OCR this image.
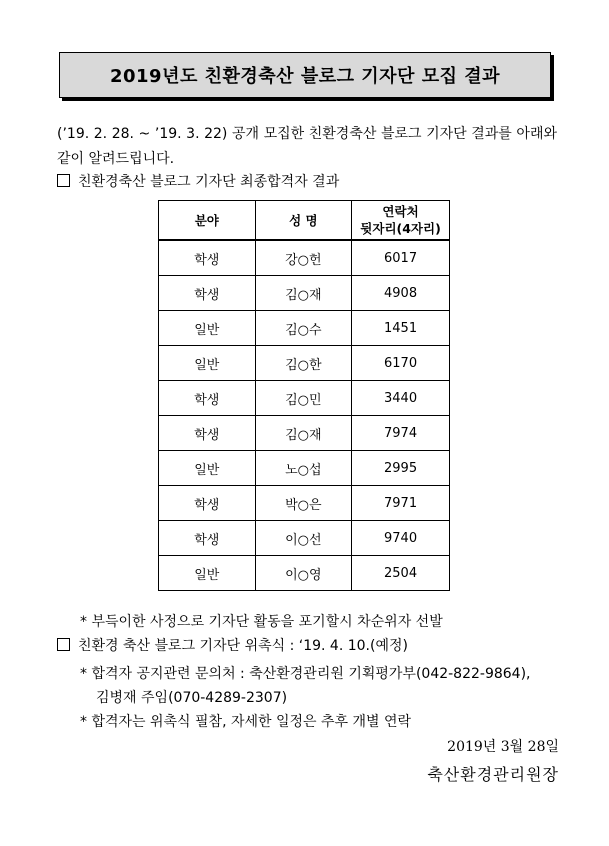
2019년도 친환경축산 블로그 기자단 모집 결과
(’19. 2. 28. ~ ’19. 3. 22) 공개 모집한 친환경축산 블로그 기자단 결과를 아래와 같이 알려드립니다.
친환경축산 블로그 기자단 최종합격자 결과
분야	성 명	연락처
뒷자리(4자리)
학생	강○헌	6017
학생	김○재	4908
일반	김○수	1451
일반	김○한	6170
학생	김○민	3440
학생	김○재	7974
일반	노○섭	2995
학생	박○은	7971
학생	이○선	9740
일반	이○영	2504
* 부득이한 사정으로 기자단 활동을 포기할시 차순위자 선발
친환경 축산 블로그 기자단 위촉식 : ‘19. 4. 10.(예정)
* 합격자 공지관련 문의처 : 축산환경관리원 기획평가부(042-822-9864),
김병재 주임(070-4289-2307)
* 합격자는 위촉식 필참, 자세한 일정은 추후 개별 연락
2019년 3월 28일
축산환경관리원장
